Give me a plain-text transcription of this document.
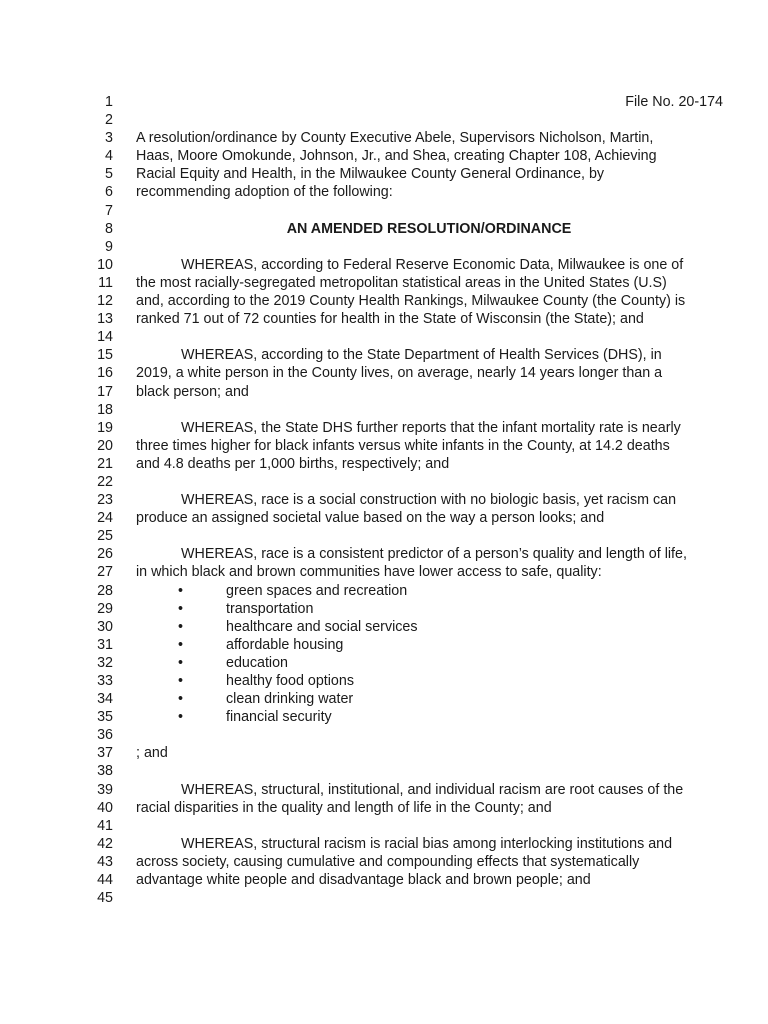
1	File No. 20-174
2
3 A resolution/ordinance by County Executive Abele, Supervisors Nicholson, Martin,
4 Haas, Moore Omokunde, Johnson, Jr., and Shea, creating Chapter 108, Achieving
5 Racial Equity and Health, in the Milwaukee County General Ordinance, by
6 recommending adoption of the following:
7
8	AN AMENDED RESOLUTION/ORDINANCE
9
10	WHEREAS, according to Federal Reserve Economic Data, Milwaukee is one of
11 the most racially-segregated metropolitan statistical areas in the United States (U.S)
12 and, according to the 2019 County Health Rankings, Milwaukee County (the County) is
13 ranked 71 out of 72 counties for health in the State of Wisconsin (the State); and
14
15	WHEREAS, according to the State Department of Health Services (DHS), in
16 2019, a white person in the County lives, on average, nearly 14 years longer than a
17 black person; and
18
19	WHEREAS, the State DHS further reports that the infant mortality rate is nearly
20 three times higher for black infants versus white infants in the County, at 14.2 deaths
21 and 4.8 deaths per 1,000 births, respectively; and
22
23	WHEREAS, race is a social construction with no biologic basis, yet racism can
24 produce an assigned societal value based on the way a person looks; and
25
26	WHEREAS, race is a consistent predictor of a person’s quality and length of life,
27 in which black and brown communities have lower access to safe, quality:
28	•	green spaces and recreation
29	•	transportation
30	•	healthcare and social services
31	•	affordable housing
32	•	education
33	•	healthy food options
34	•	clean drinking water
35	•	financial security
36
37 ; and
38
39	WHEREAS, structural, institutional, and individual racism are root causes of the
40 racial disparities in the quality and length of life in the County; and
41
42	WHEREAS, structural racism is racial bias among interlocking institutions and
43 across society, causing cumulative and compounding effects that systematically
44 advantage white people and disadvantage black and brown people; and
45
